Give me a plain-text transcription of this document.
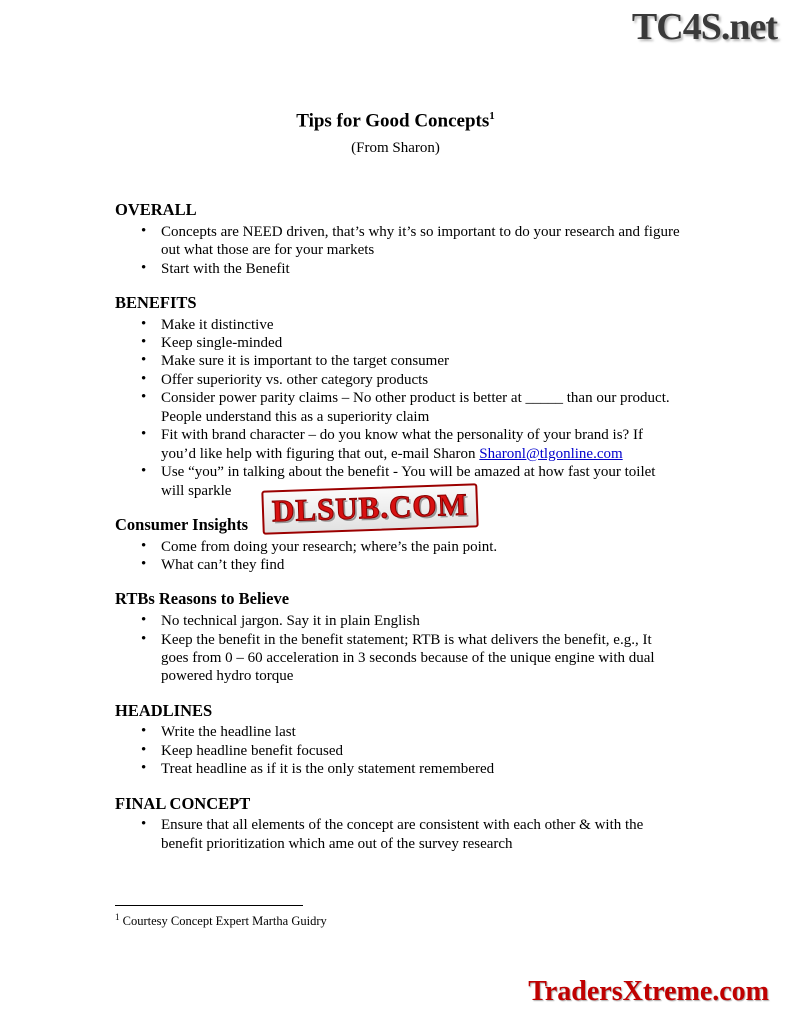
TC4S.net
Tips for Good Concepts$^1$
(From Sharon)
OVERALL
• Concepts are NEED driven, that’s why it’s so important to do your research and figure out what those are for your markets
• Start with the Benefit
BENEFITS
• Make it distinctive
• Keep single-minded
• Make sure it is important to the target consumer
• Offer superiority vs. other category products
• Consider power parity claims – No other product is better at _____ than our product. People understand this as a superiority claim
• Fit with brand character – do you know what the personality of your brand is? If you’d like help with figuring that out, e-mail Sharon Sharonl@tlgonline.com
• Use “you” in talking about the benefit - You will be amazed at how fast your toilet will sparkle
Consumer Insights
• Come from doing your research; where’s the pain point.
• What can’t they find
RTBs Reasons to Believe
• No technical jargon. Say it in plain English
• Keep the benefit in the benefit statement; RTB is what delivers the benefit, e.g., It goes from 0 – 60 acceleration in 3 seconds because of the unique engine with dual powered hydro torque
HEADLINES
• Write the headline last
• Keep headline benefit focused
• Treat headline as if it is the only statement remembered
FINAL CONCEPT
• Ensure that all elements of the concept are consistent with each other & with the benefit prioritization which ame out of the survey research
$^1$ Courtesy Concept Expert Martha Guidry
DLSUB.COM
TradersXtreme.com
